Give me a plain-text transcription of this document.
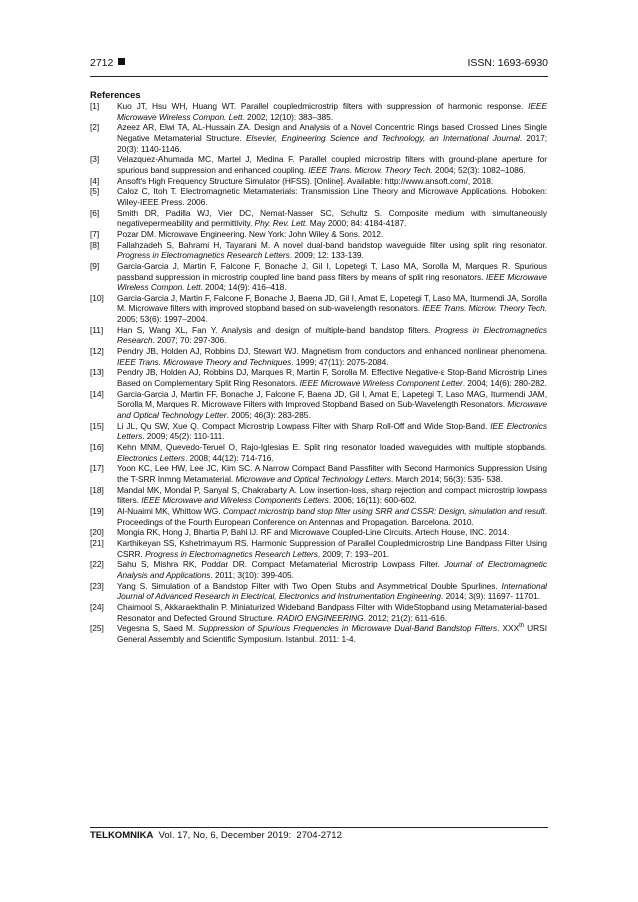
2712	ISSN: 1693-6930
References
[1] Kuo JT, Hsu WH, Huang WT. Parallel coupledmicrostrip filters with suppression of harmonic response. IEEE Microwave Wireless Compon. Lett. 2002; 12(10): 383–385.
[2] Azeez AR, Elwi TA, AL-Hussain ZA. Design and Analysis of a Novel Concentric Rings based Crossed Lines Single Negative Metamaterial Structure. Elsevier, Engineering Science and Technology, an International Journal. 2017; 20(3): 1140-1146.
[3] Velazquez-Ahumada MC, Martel J, Medina F. Parallel coupled microstrip filters with ground-plane aperture for spurious band suppression and enhanced coupling. IEEE Trans. Microw. Theory Tech. 2004; 52(3): 1082–1086.
[4] Ansoft's High Frequency Structure Simulator (HFSS). [Online]. Available: http://www.ansoft.com/, 2018.
[5] Caloz C, Itoh T. Electromagnetic Metamaterials: Transmission Line Theory and Microwave Applications. Hoboken: Wiley-IEEE Press. 2006.
[6] Smith DR, Padilla WJ, Vier DC, Nemat-Nasser SC, Schultz S. Composite medium with simultaneously negativepermeability and permittivity. Phy. Rev. Lett. May 2000; 84: 4184-4187.
[7] Pozar DM. Microwave Engineering. New York: John Wiley & Sons. 2012.
[8] Fallahzadeh S, Bahrami H, Tayarani M. A novel dual-band bandstop waveguide filter using split ring resonator. Progress in Electromagnetics Research Letters. 2009; 12: 133-139.
[9] Garcia-Garcia J, Martin F, Falcone F, Bonache J, Gil I, Lopetegi T, Laso MA, Sorolla M, Marques R. Spurious passband suppression in microstrip coupled line band pass filters by means of split ring resonators. IEEE Microwave Wireless Compon. Lett. 2004; 14(9): 416–418.
[10] Garcia-Garcia J, Martin F, Falcone F, Bonache J, Baena JD, Gil I, Amat E, Lopetegi T, Laso MA, Iturmendi JA, Sorolla M. Microwave filters with improved stopband based on sub-wavelength resonators. IEEE Trans. Microw. Theory Tech. 2005; 53(6): 1997–2004.
[11] Han S, Wang XL, Fan Y. Analysis and design of multiple-band bandstop filters. Progress in Electromagnetics Research. 2007; 70: 297-306.
[12] Pendry JB, Holden AJ, Robbins DJ, Stewart WJ. Magnetism from conductors and enhanced nonlinear phenomena. IEEE Trans. Microwave Theory and Techniques. 1999; 47(11): 2075-2084.
[13] Pendry JB, Holden AJ, Robbins DJ, Marques R, Martin F, Sorolla M. Effective Negative-ε Stop-Band Microstrip Lines Based on Complementary Split Ring Resonators. IEEE Microwave Wireless Component Letter. 2004; 14(6): 280-282.
[14] Garcia-Garcia J, Martin FF, Bonache J, Falcone F, Baena JD, Gil I, Amat E, Lapetegi T, Laso MAG, Iturmendi JAM, Sorolla M, Marques R. Microwave Filters with Improved Stopband Based on Sub-Wavelength Resonators. Microwave and Optical Technology Letter. 2005; 46(3): 283-285.
[15] Li JL, Qu SW, Xue Q. Compact Microstrip Lowpass Filter with Sharp Roll-Off and Wide Stop-Band. IEE Electronics Letters. 2009; 45(2): 110-111.
[16] Kehn MNM, Quevedo-Teruel O, Rajo-Iglesias E. Split ring resonator loaded waveguides with multiple stopbands. Electronics Letters. 2008; 44(12): 714-716.
[17] Yoon KC, Lee HW, Lee JC, Kim SC. A Narrow Compact Band Passfilter with Second Harmonics Suppression Using the T-SRR Inmng Metamaterial. Microwave and Optical Technology Letters. March 2014; 56(3): 535- 538.
[18] Mandal MK, Mondal P, Sanyal S, Chakrabarty A. Low insertion-loss, sharp rejection and compact microstrip lowpass filters. IEEE Microwave and Wireless Components Letters. 2006; 16(11): 600-602.
[19] Al-Nuaimi MK, Whittow WG. Compact microstrip band stop filter using SRR and CSSR: Design, simulation and result. Proceedings of the Fourth European Conference on Antennas and Propagation. Barcelona. 2010.
[20] Mongia RK, Hong J, Bhartia P, Bahl IJ. RF and Microwave Coupled-Line Circuits. Artech House, INC. 2014.
[21] Karthikeyan SS, Kshetrimayum RS. Harmonic Suppression of Parallel Coupledmicrostrip Line Bandpass Filter Using CSRR. Progress in Electromagnetics Research Letters. 2009; 7: 193–201.
[22] Sahu S, Mishra RK, Poddar DR. Compact Metamaterial Microstrip Lowpass Filter. Journal of Electromagnetic Analysis and Applications. 2011; 3(10): 399-405.
[23] Yang S. Simulation of a Bandstop Filter with Two Open Stubs and Asymmetrical Double Spurlines. International Journal of Advanced Research in Electrical, Electronics and Instrumentation Engineering. 2014; 3(9): 11697- 11701.
[24] Chaimool S, Akkaraekthalin P. Miniaturized Wideband Bandpass Filter with WideStopband using Metamaterial-based Resonator and Defected Ground Structure. RADIO ENGINEERING. 2012; 21(2): 611-616.
[25] Vegesna S, Saed M. Suppression of Spurious Frequencies in Microwave Dual-Band Bandstop Filters. XXXth URSI General Assembly and Scientific Symposium. Istanbul. 2011: 1-4.
TELKOMNIKA  Vol. 17, No. 6, December 2019:  2704-2712
